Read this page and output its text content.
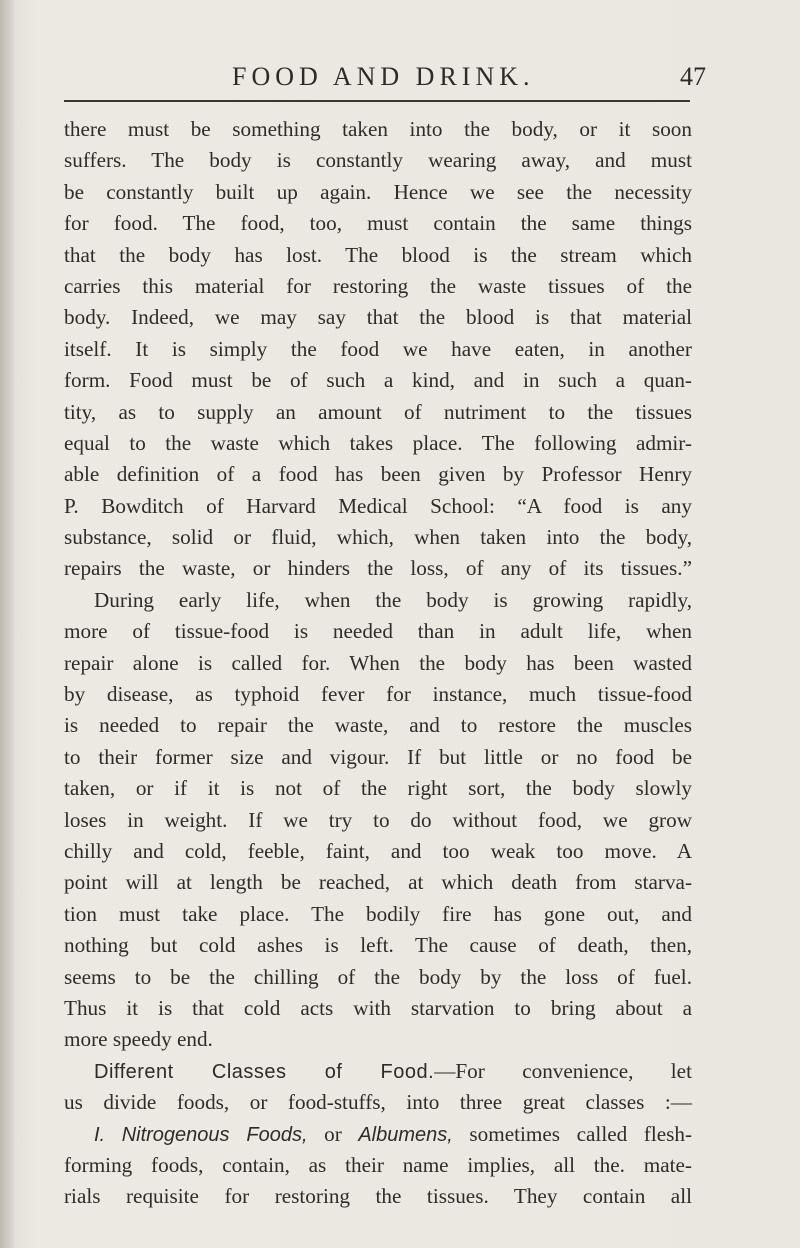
FOOD AND DRINK.	47
there must be something taken into the body, or it soon
suffers. The body is constantly wearing away, and must
be constantly built up again. Hence we see the necessity
for food. The food, too, must contain the same things
that the body has lost. The blood is the stream which
carries this material for restoring the waste tissues of the
body. Indeed, we may say that the blood is that material
itself. It is simply the food we have eaten, in another
form. Food must be of such a kind, and in such a quan-
tity, as to supply an amount of nutriment to the tissues
equal to the waste which takes place. The following admir-
able definition of a food has been given by Professor Henry
P. Bowditch of Harvard Medical School: “A food is any
substance, solid or fluid, which, when taken into the body,
repairs the waste, or hinders the loss, of any of its tissues.”
During early life, when the body is growing rapidly,
more of tissue-food is needed than in adult life, when
repair alone is called for. When the body has been wasted
by disease, as typhoid fever for instance, much tissue-food
is needed to repair the waste, and to restore the muscles
to their former size and vigour. If but little or no food be
taken, or if it is not of the right sort, the body slowly
loses in weight. If we try to do without food, we grow
chilly and cold, feeble, faint, and too weak too move. A
point will at length be reached, at which death from starva-
tion must take place. The bodily fire has gone out, and
nothing but cold ashes is left. The cause of death, then,
seems to be the chilling of the body by the loss of fuel.
Thus it is that cold acts with starvation to bring about a
more speedy end.
Different Classes of Food.—For convenience, let
us divide foods, or food-stuffs, into three great classes :—
I. Nitrogenous Foods, or Albumens, sometimes called flesh-
forming foods, contain, as their name implies, all the. mate-
rials requisite for restoring the tissues. They contain all
